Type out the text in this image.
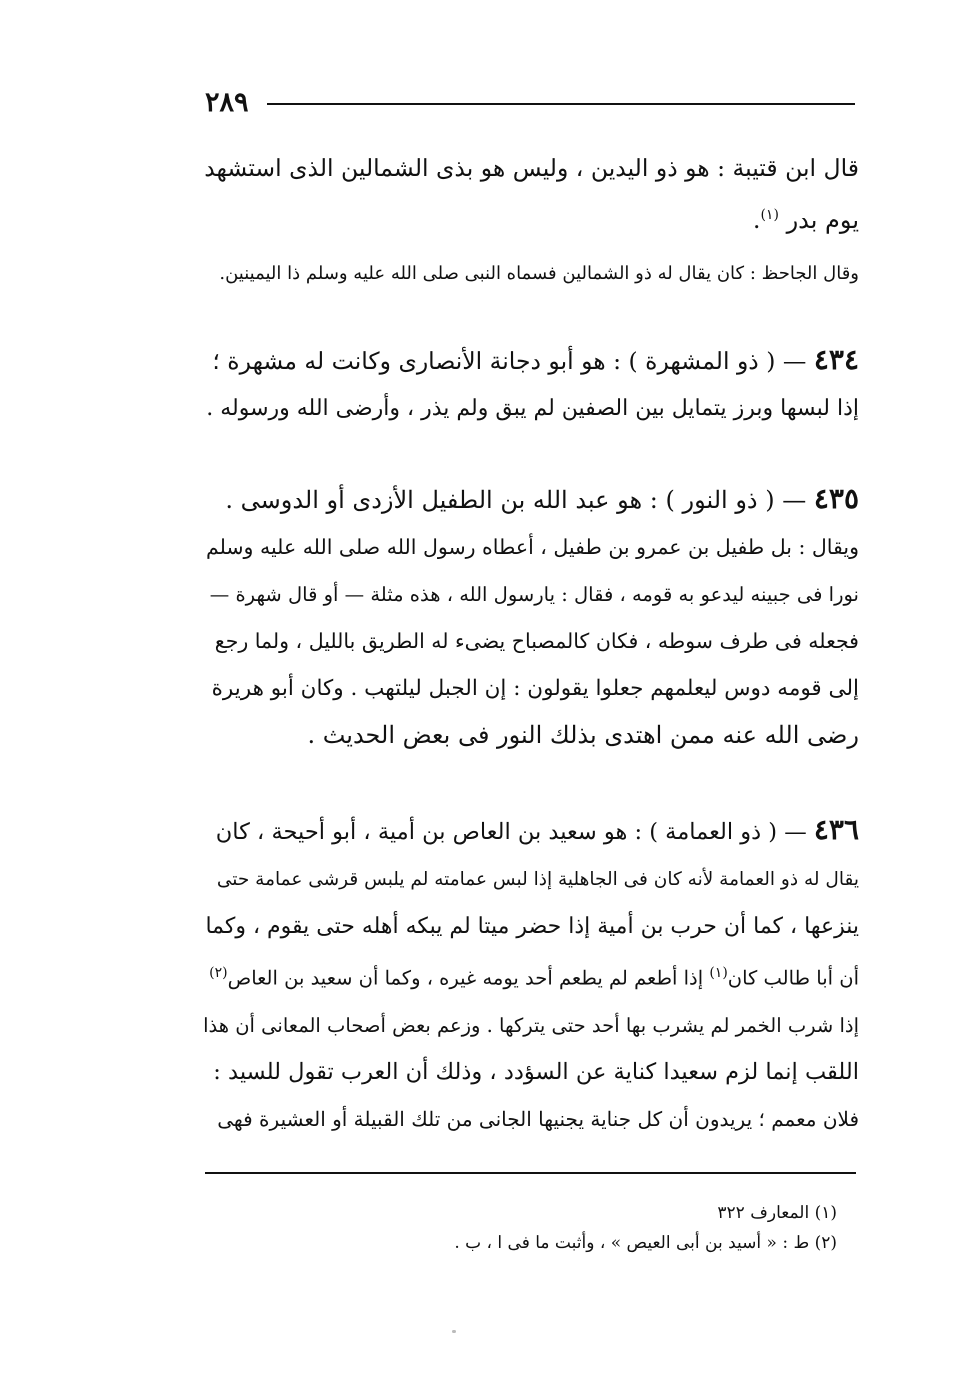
٢٨٩
قال ابن قتيبة : هو ذو اليدين ، وليس هو بذى الشمالين الذى استشهد
يوم بدر $^{(١)}$.
وقال الجاحظ : كان يقال له ذو الشمالين فسماه النبى صلى الله عليه وسلم ذا اليمينين.
٤٣٤ — ( ذو المشهرة ) : هو أبو دجانة الأنصارى وكانت له مشهرة ؛
إذا لبسها وبرز يتمايل بين الصفين لم يبق ولم يذر ، وأرضى الله ورسوله .
٤٣٥ — ( ذو النور ) : هو عبد الله بن الطفيل الأزدى أو الدوسى .
ويقال : بل طفيل بن عمرو بن طفيل ، أعطاه رسول الله صلى الله عليه وسلم
نورا فى جبينه ليدعو به قومه ، فقال : يارسول الله ، هذه مثلة — أو قال شهرة —
فجعله فى طرف سوطه ، فكان كالمصباح يضىء له الطريق بالليل ، ولما رجع
إلى قومه دوس ليعلمهم جعلوا يقولون : إن الجبل ليلتهب . وكان أبو هريرة
رضى الله عنه ممن اهتدى بذلك النور فى بعض الحديث .
٤٣٦ — ( ذو العمامة ) : هو سعيد بن العاص بن أمية ، أبو أحيحة ، كان
يقال له ذو العمامة لأنه كان فى الجاهلية إذا لبس عمامته لم يلبس قرشى عمامة حتى
ينزعها ، كما أن حرب بن أمية إذا حضر ميتا لم يبكه أهله حتى يقوم ، وكما
أن أبا طالب كان$^{(١)}$ إذا أطعم لم يطعم أحد يومه غيره ، وكما أن سعيد بن العاص$^{(٢)}$
إذا شرب الخمر لم يشرب بها أحد حتى يتركها . وزعم بعض أصحاب المعانى أن هذا
اللقب إنما لزم سعيدا كناية عن السؤدد ، وذلك أن العرب تقول للسيد :
فلان معمم ؛ يريدون أن كل جناية يجنيها الجانى من تلك القبيلة أو العشيرة فهى
(١) المعارف ٣٢٢
(٢) ط : « أسيد بن أبى العيص » ، وأثبت ما فى ا ، ب .
